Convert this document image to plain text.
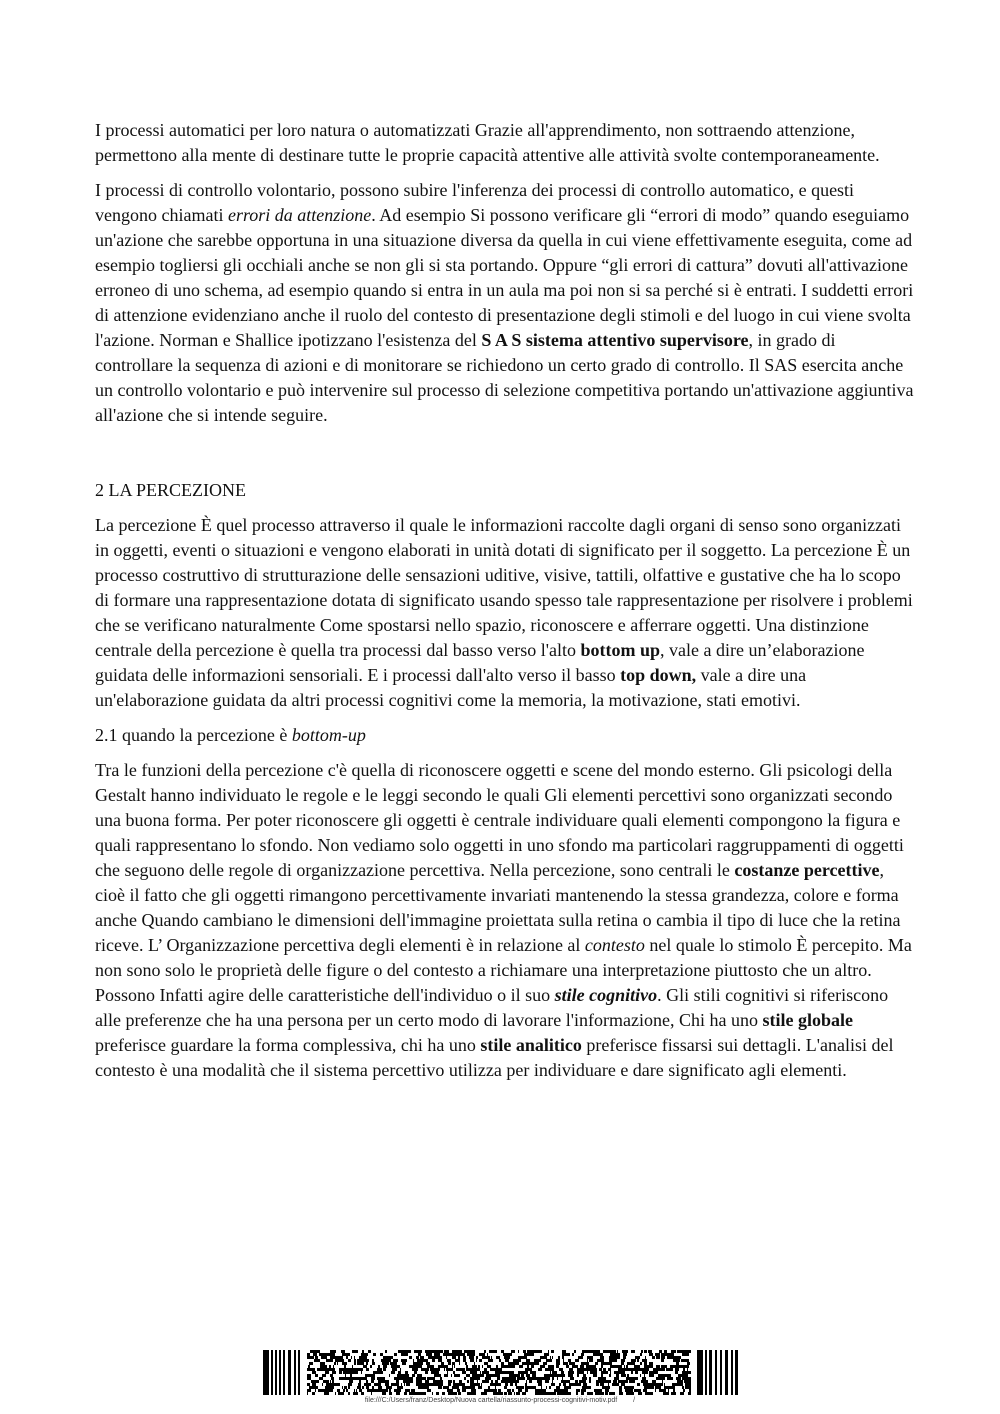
I processi automatici per loro natura o automatizzati Grazie all'apprendimento, non sottraendo attenzione, permettono alla mente di destinare tutte le proprie capacità attentive alle attività svolte contemporaneamente.

I processi di controllo volontario, possono subire l'inferenza dei processi di controllo automatico, e questi vengono chiamati errori da attenzione. Ad esempio Si possono verificare gli “errori di modo” quando eseguiamo un'azione che sarebbe opportuna in una situazione diversa da quella in cui viene effettivamente eseguita, come ad esempio togliersi gli occhiali anche se non gli si sta portando. Oppure “gli errori di cattura” dovuti all'attivazione erroneo di uno schema, ad esempio quando si entra in un aula ma poi non si sa perché si è entrati. I suddetti errori di attenzione evidenziano anche il ruolo del contesto di presentazione degli stimoli e del luogo in cui viene svolta l'azione. Norman e Shallice ipotizzano l'esistenza del S A S sistema attentivo supervisore, in grado di controllare la sequenza di azioni e di monitorare se richiedono un certo grado di controllo. Il SAS esercita anche un controllo volontario e può intervenire sul processo di selezione competitiva portando un'attivazione aggiuntiva all'azione che si intende seguire.

2 LA PERCEZIONE

La percezione È quel processo attraverso il quale le informazioni raccolte dagli organi di senso sono organizzati in oggetti, eventi o situazioni e vengono elaborati in unità dotati di significato per il soggetto. La percezione È un processo costruttivo di strutturazione delle sensazioni uditive, visive, tattili, olfattive e gustative che ha lo scopo di formare una rappresentazione dotata di significato usando spesso tale rappresentazione per risolvere i problemi che se verificano naturalmente Come spostarsi nello spazio, riconoscere e afferrare oggetti. Una distinzione centrale della percezione è quella tra processi dal basso verso l'alto bottom up, vale a dire un’elaborazione guidata delle informazioni sensoriali. E i processi dall'alto verso il basso top down, vale a dire una un'elaborazione guidata da altri processi cognitivi come la memoria, la motivazione, stati emotivi.

2.1 quando la percezione è bottom-up

Tra le funzioni della percezione c'è quella di riconoscere oggetti e scene del mondo esterno. Gli psicologi della Gestalt hanno individuato le regole e le leggi secondo le quali Gli elementi percettivi sono organizzati secondo una buona forma. Per poter riconoscere gli oggetti è centrale individuare quali elementi compongono la figura e quali rappresentano lo sfondo. Non vediamo solo oggetti in uno sfondo ma particolari raggruppamenti di oggetti che seguono delle regole di organizzazione percettiva. Nella percezione, sono centrali le costanze percettive, cioè il fatto che gli oggetti rimangono percettivamente invariati mantenendo la stessa grandezza, colore e forma anche Quando cambiano le dimensioni dell'immagine proiettata sulla retina o cambia il tipo di luce che la retina riceve. L’ Organizzazione percettiva degli elementi è in relazione al contesto nel quale lo stimolo È percepito. Ma non sono solo le proprietà delle figure o del contesto a richiamare una interpretazione piuttosto che un altro. Possono Infatti agire delle caratteristiche dell'individuo o il suo stile cognitivo. Gli stili cognitivi si riferiscono alle preferenze che ha una persona per un certo modo di lavorare l'informazione, Chi ha uno stile globale preferisce guardare la forma complessiva, chi ha uno stile analitico preferisce fissarsi sui dettagli. L'analisi del contesto è una modalità che il sistema percettivo utilizza per individuare e dare significato agli elementi.

file:///C:/Users/franz/Desktop/Nuova cartella/riassunto-processi-cognitivi-motiv.pdf /
